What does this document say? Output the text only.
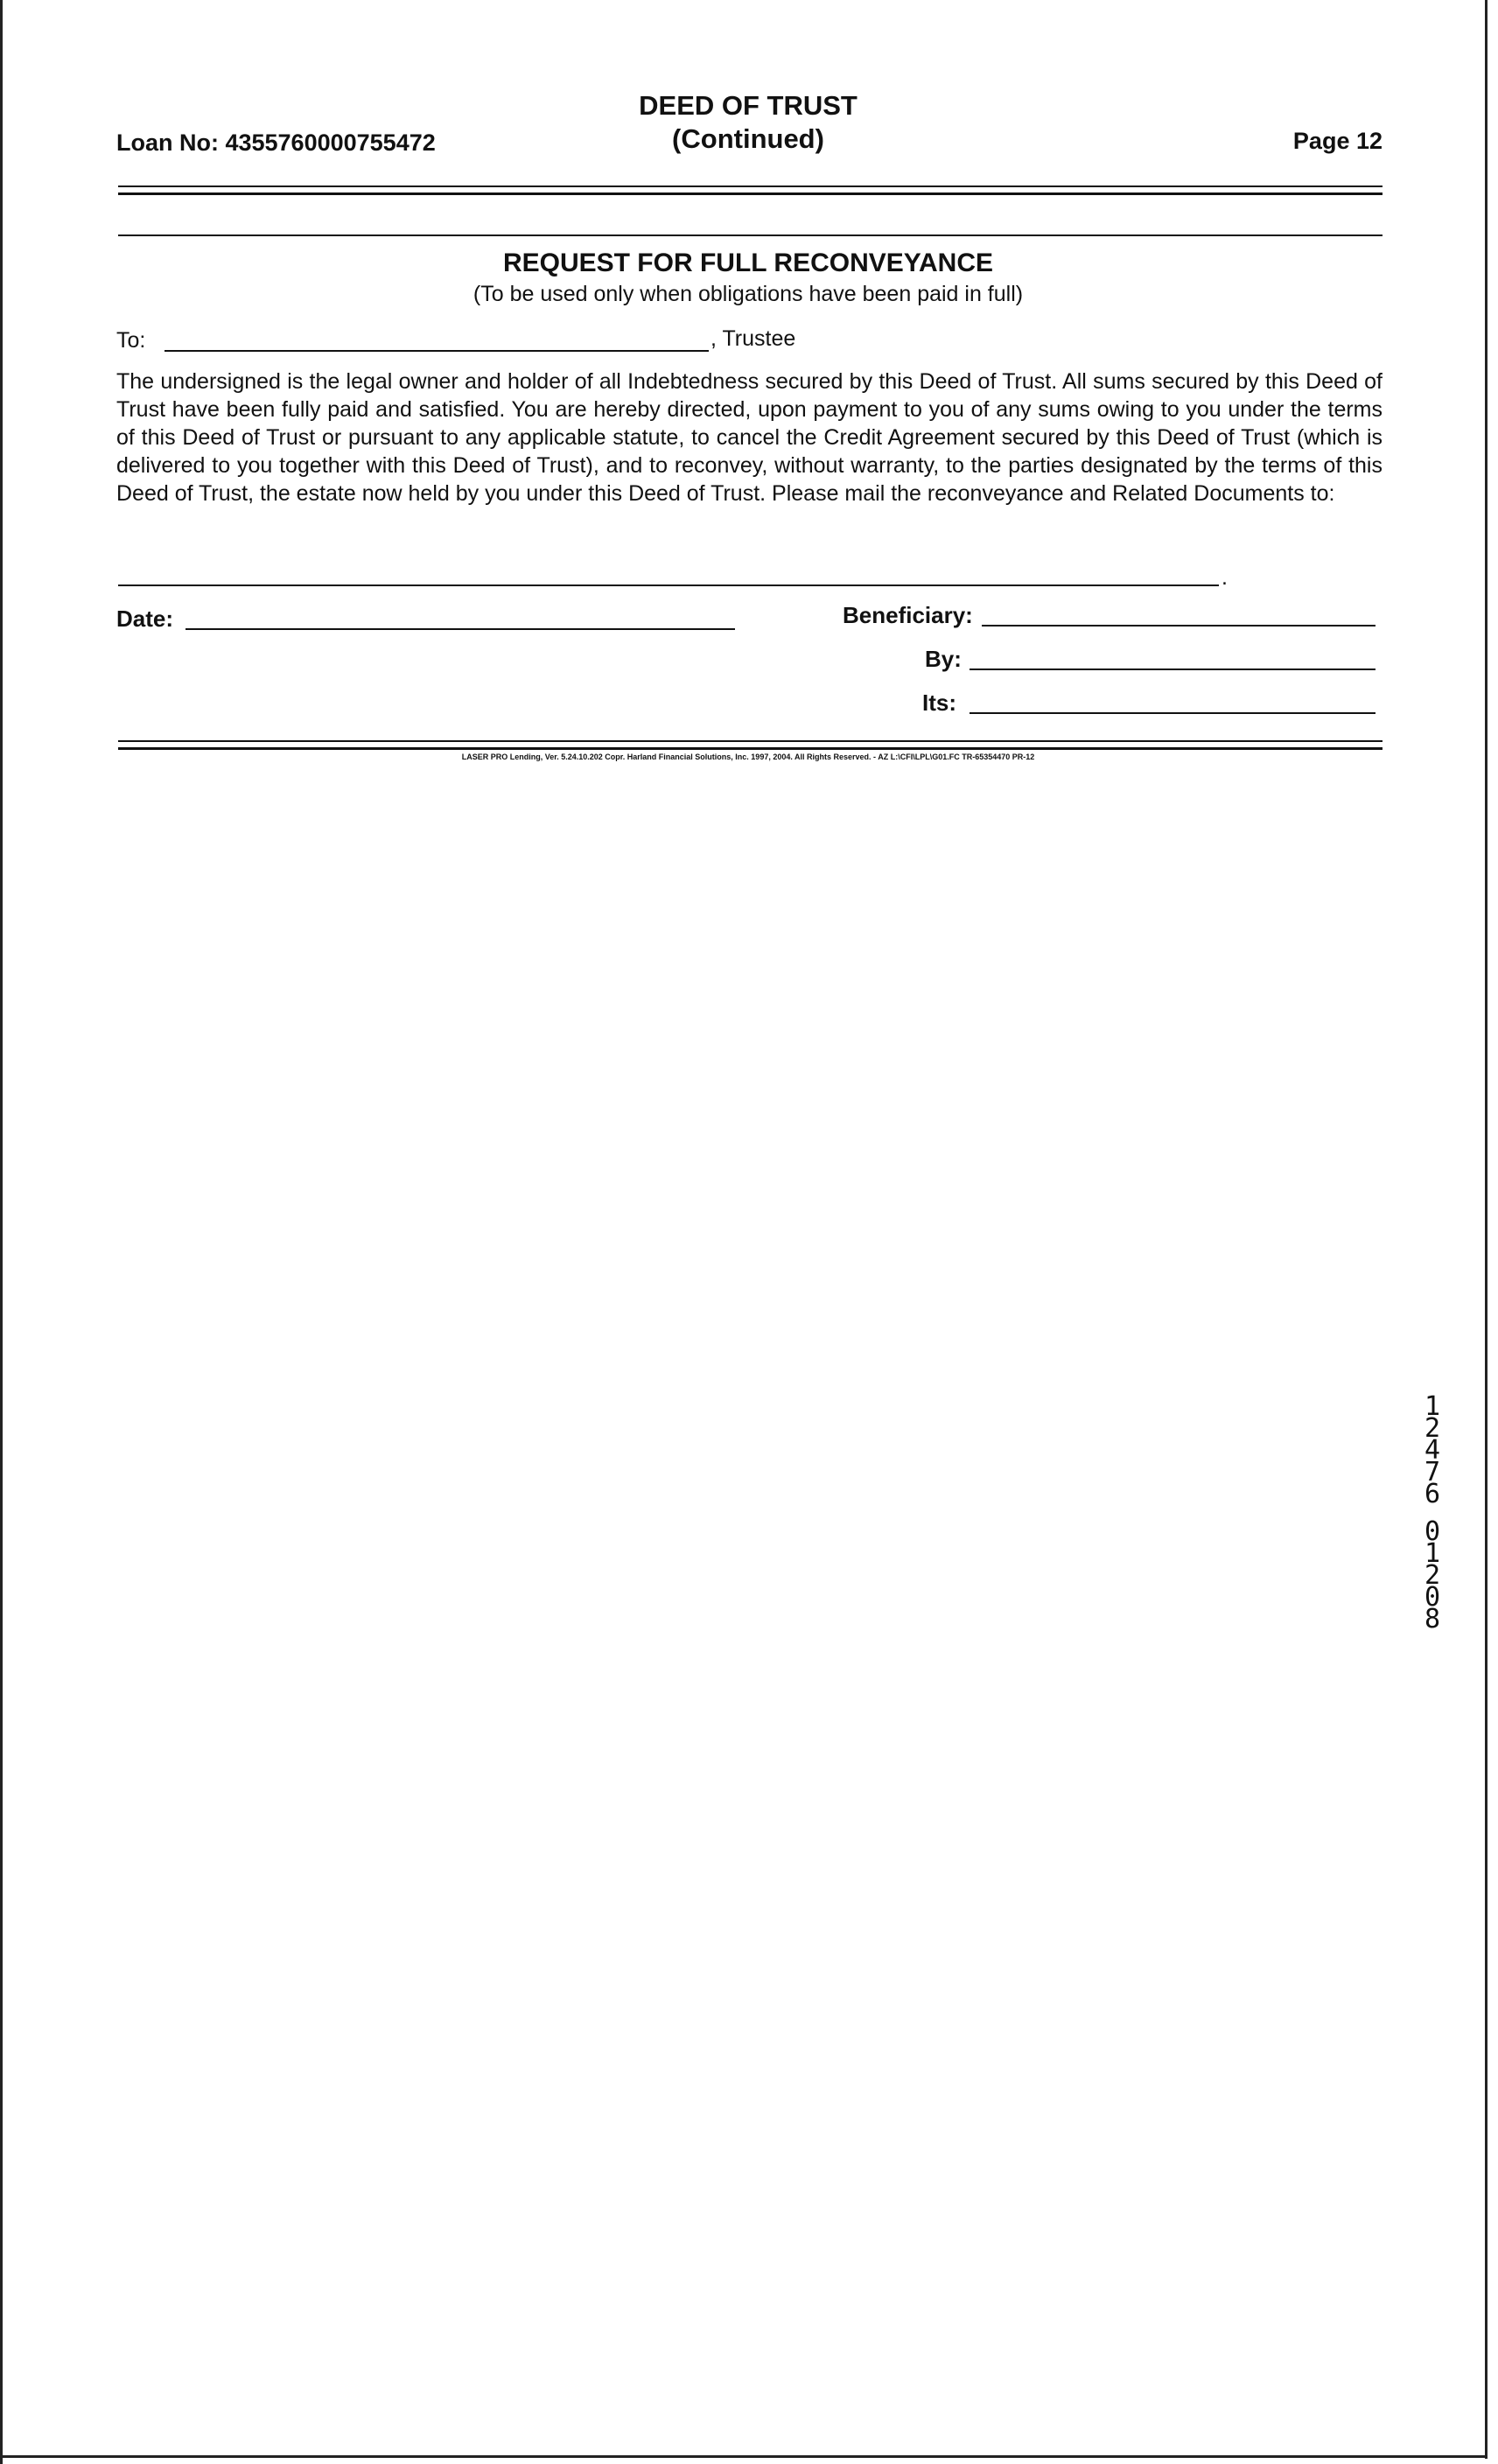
Loan No: 4355760000755472
DEED OF TRUST
(Continued)	Page 12
REQUEST FOR FULL RECONVEYANCE
(To be used only when obligations have been paid in full)
To:	, Trustee
The undersigned is the legal owner and holder of all Indebtedness secured by this Deed of Trust. All sums secured by this Deed of Trust have been fully paid and satisfied. You are hereby directed, upon payment to you of any sums owing to you under the terms of this Deed of Trust or pursuant to any applicable statute, to cancel the Credit Agreement secured by this Deed of Trust (which is delivered to you together with this Deed of Trust), and to reconvey, without warranty, to the parties designated by the terms of this Deed of Trust, the estate now held by you under this Deed of Trust. Please mail the reconveyance and Related Documents to:
.
Date:	Beneficiary:
By:
Its:
LASER PRO Lending, Ver. 5.24.10.202 Copr. Harland Financial Solutions, Inc. 1997, 2004. All Rights Reserved. - AZ L:\CFI\LPL\G01.FC TR-65354470 PR-12
1
2
4
7
6
0
1
2
0
8
